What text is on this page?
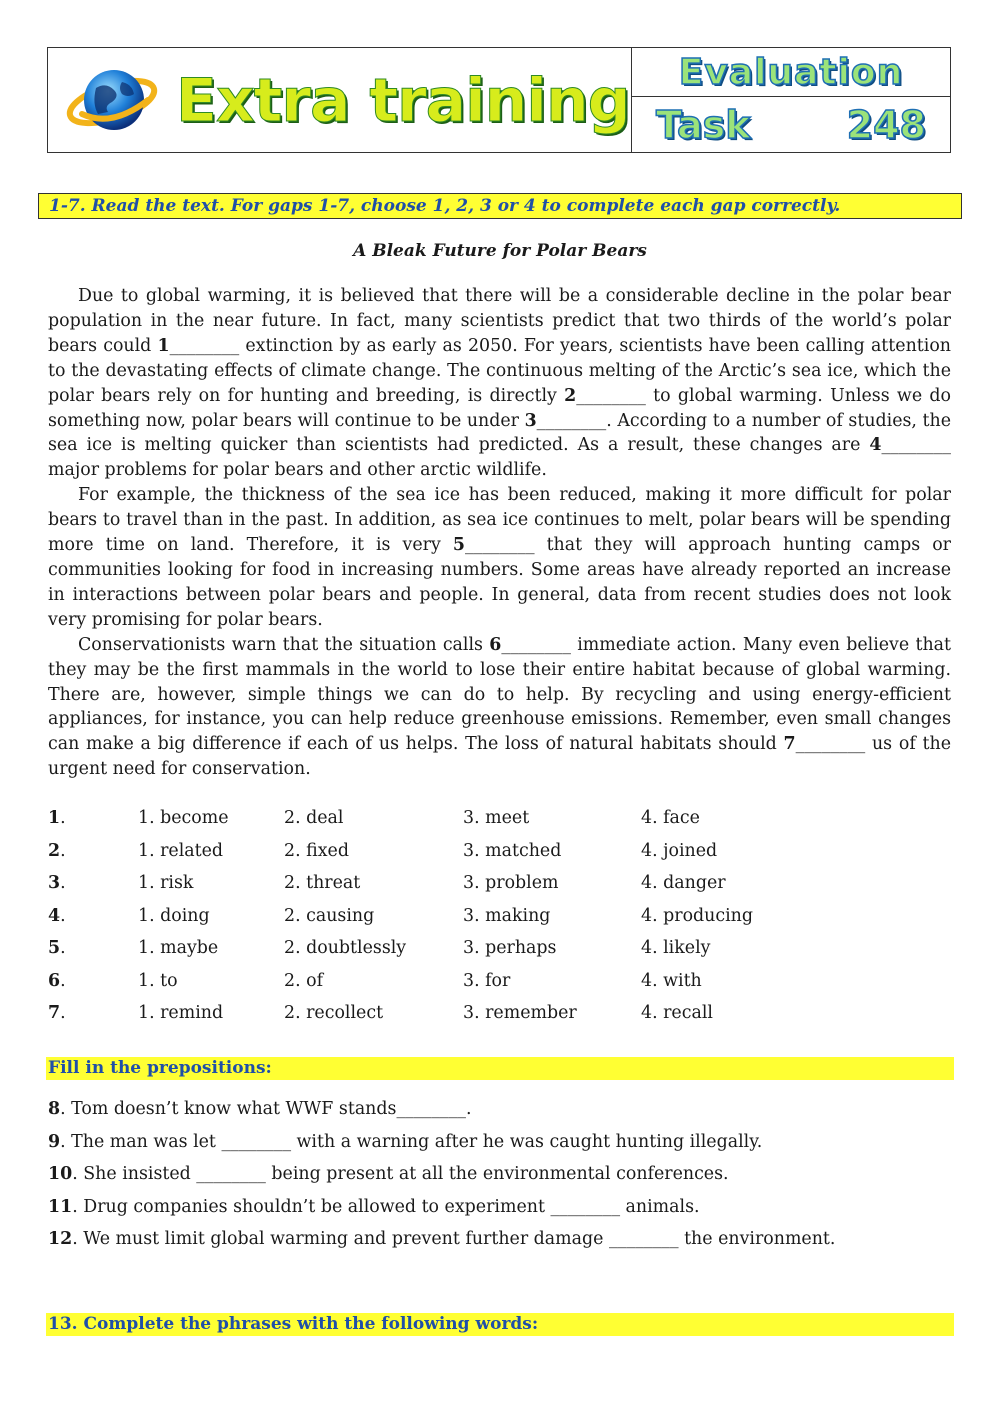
Extra training Evaluation
Task	248
1-7. Read the text. For gaps 1-7, choose 1, 2, 3 or 4 to complete each gap correctly.
A Bleak Future for Polar Bears

Due to global warming, it is believed that there will be a considerable decline in the polar bear population in the near future. In fact, many scientists predict that two thirds of the world’s polar bears could 1________ extinction by as early as 2050. For years, scientists have been calling attention to the devastating effects of climate change. The continuous melting of the Arctic’s sea ice, which the polar bears rely on for hunting and breeding, is directly 2________ to global warming. Unless we do something now, polar bears will continue to be under 3________. According to a number of studies, the sea ice is melting quicker than scientists had predicted. As a result, these changes are 4________ major problems for polar bears and other arctic wildlife.

For example, the thickness of the sea ice has been reduced, making it more difficult for polar bears to travel than in the past. In addition, as sea ice continues to melt, polar bears will be spending more time on land. Therefore, it is very 5________ that they will approach hunting camps or communities looking for food in increasing numbers. Some areas have already reported an increase in interactions between polar bears and people. In general, data from recent studies does not look very promising for polar bears.

Conservationists warn that the situation calls 6________ immediate action. Many even believe that they may be the first mammals in the world to lose their entire habitat because of global warming. There are, however, simple things we can do to help. By recycling and using energy-efficient appliances, for instance, you can help reduce greenhouse emissions. Remember, even small changes can make a big difference if each of us helps. The loss of natural habitats should 7________ us of the urgent need for conservation.

1.	1. become	2. deal	3. meet	4. face
2.	1. related	2. fixed	3. matched	4. joined
3.	1. risk	2. threat	3. problem	4. danger
4.	1. doing	2. causing	3. making	4. producing
5.	1. maybe	2. doubtlessly	3. perhaps	4. likely
6.	1. to	2. of	3. for	4. with
7.	1. remind	2. recollect	3. remember	4. recall
Fill in the prepositions:
8. Tom doesn’t know what WWF stands________.
9. The man was let ________ with a warning after he was caught hunting illegally.
10. She insisted ________ being present at all the environmental conferences.
11. Drug companies shouldn’t be allowed to experiment ________ animals.
12. We must limit global warming and prevent further damage ________ the environment.
13. Complete the phrases with the following words:
